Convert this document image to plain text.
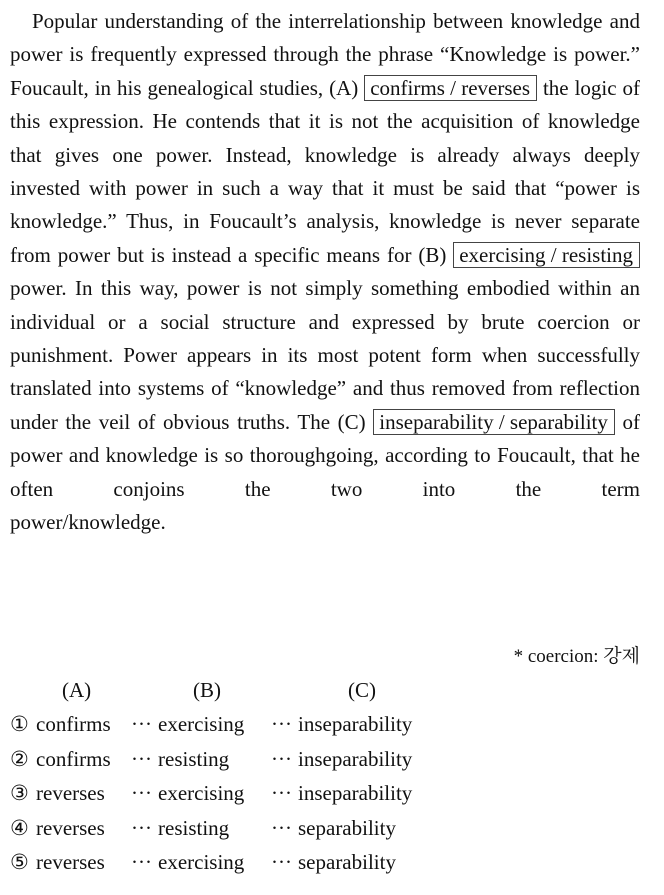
Popular understanding of the interrelationship between knowledge and power is frequently expressed through the phrase “Knowledge is power.” Foucault, in his genealogical studies, (A) confirms / reverses the logic of this expression. He contends that it is not the acquisition of knowledge that gives one power. Instead, knowledge is already always deeply invested with power in such a way that it must be said that “power is knowledge.” Thus, in Foucault’s analysis, knowledge is never separate from power but is instead a specific means for (B) exercising / resisting power. In this way, power is not simply something embodied within an individual or a social structure and expressed by brute coercion or punishment. Power appears in its most potent form when successfully translated into systems of “knowledge” and thus removed from reflection under the veil of obvious truths. The (C) inseparability / separability of power and knowledge is so thoroughgoing, according to Foucault, that he often conjoins the two into the term
power/knowledge.

* coercion: 강제
(A)	(B)	(C)
① confirms ··· exercising ··· inseparability
② confirms ··· resisting ··· inseparability
③ reverses ··· exercising ··· inseparability
④ reverses ··· resisting ··· separability
⑤ reverses ··· exercising ··· separability
